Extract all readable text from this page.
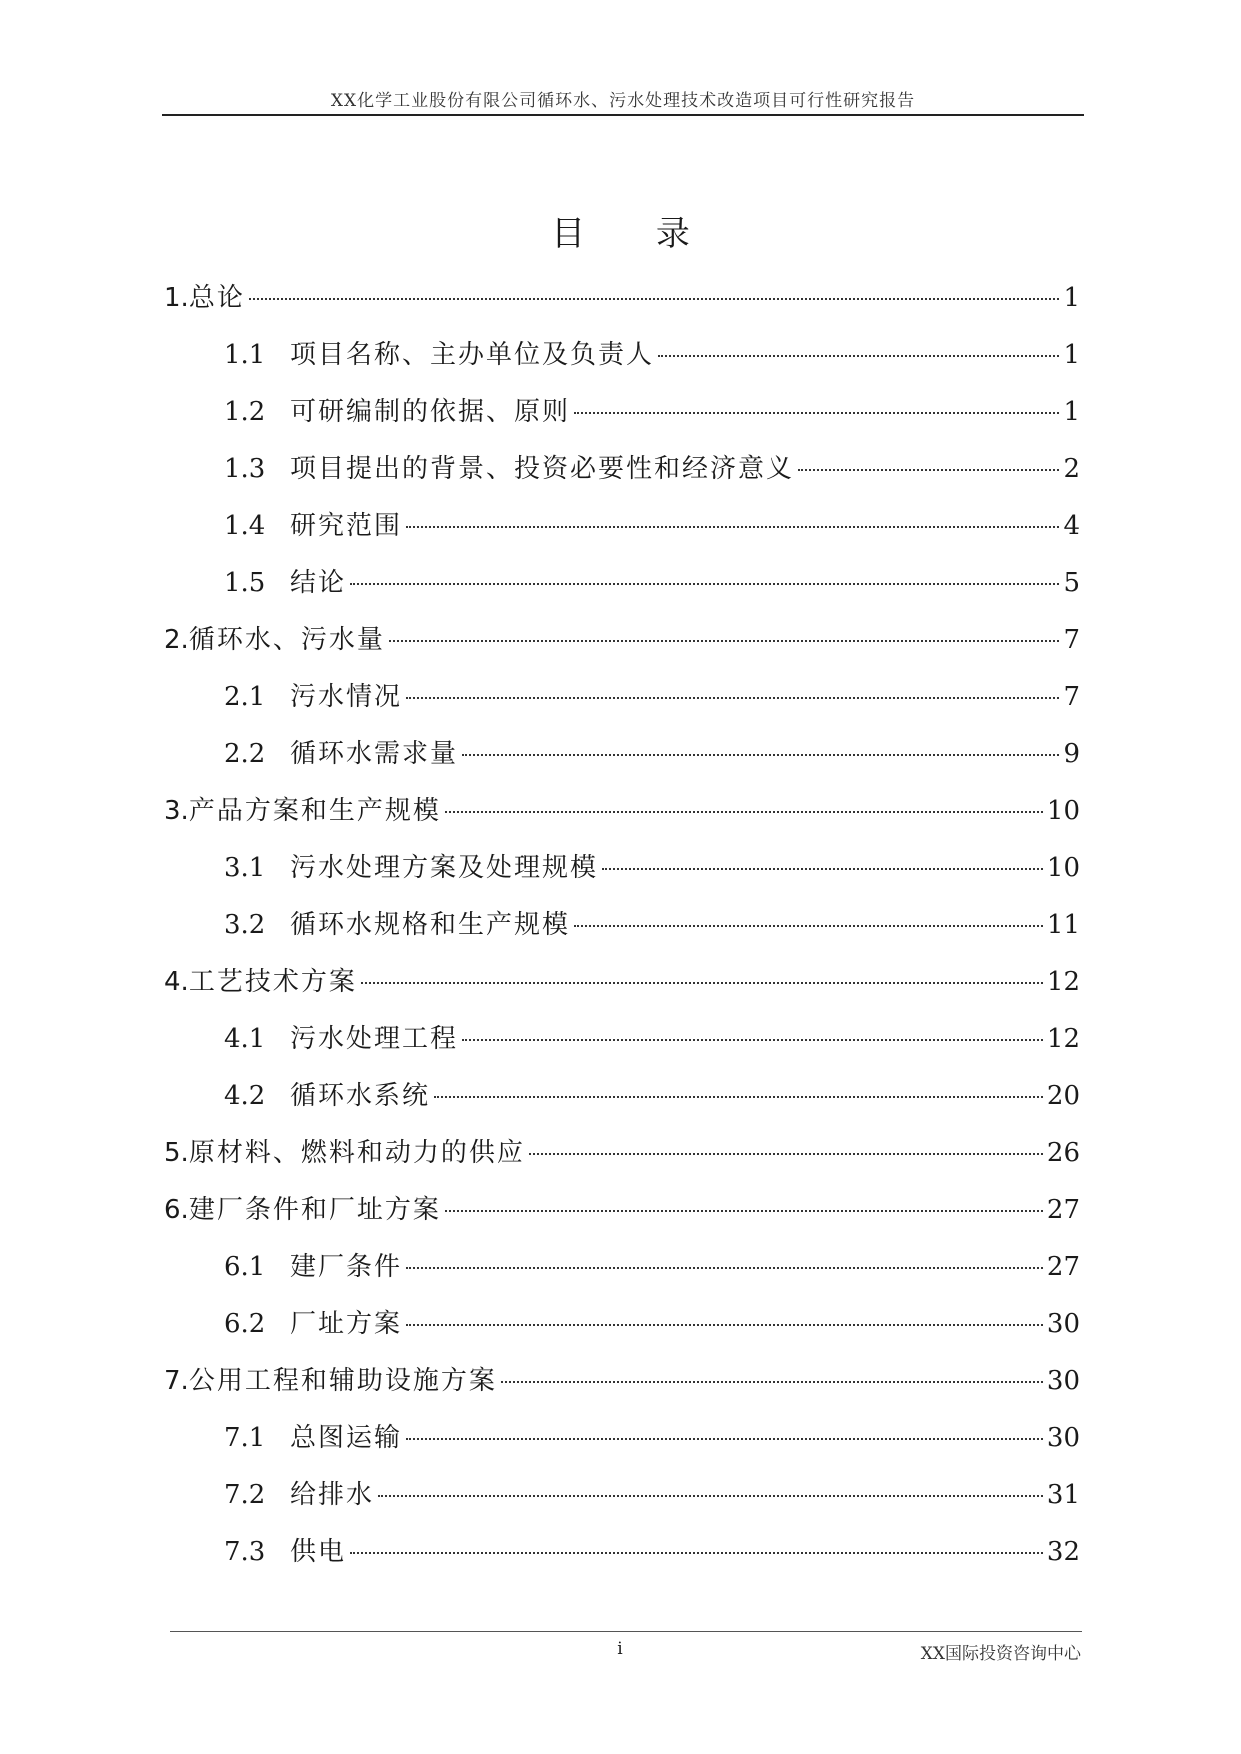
XX化学工业股份有限公司循环水、污水处理技术改造项目可行性研究报告
目 录
1. 总论	1
1.1 项目名称、主办单位及负责人	1
1.2 可研编制的依据、原则	1
1.3 项目提出的背景、投资必要性和经济意义	2
1.4 研究范围	4
1.5 结论	5
2. 循环水、污水量	7
2.1 污水情况	7
2.2 循环水需求量	9
3. 产品方案和生产规模	10
3.1 污水处理方案及处理规模	10
3.2 循环水规格和生产规模	11
4. 工艺技术方案	12
4.1 污水处理工程	12
4.2 循环水系统	20
5. 原材料、燃料和动力的供应	26
6. 建厂条件和厂址方案	27
6.1 建厂条件	27
6.2 厂址方案	30
7. 公用工程和辅助设施方案	30
7.1 总图运输	30
7.2 给排水	31
7.3 供电	32
i	XX国际投资咨询中心
